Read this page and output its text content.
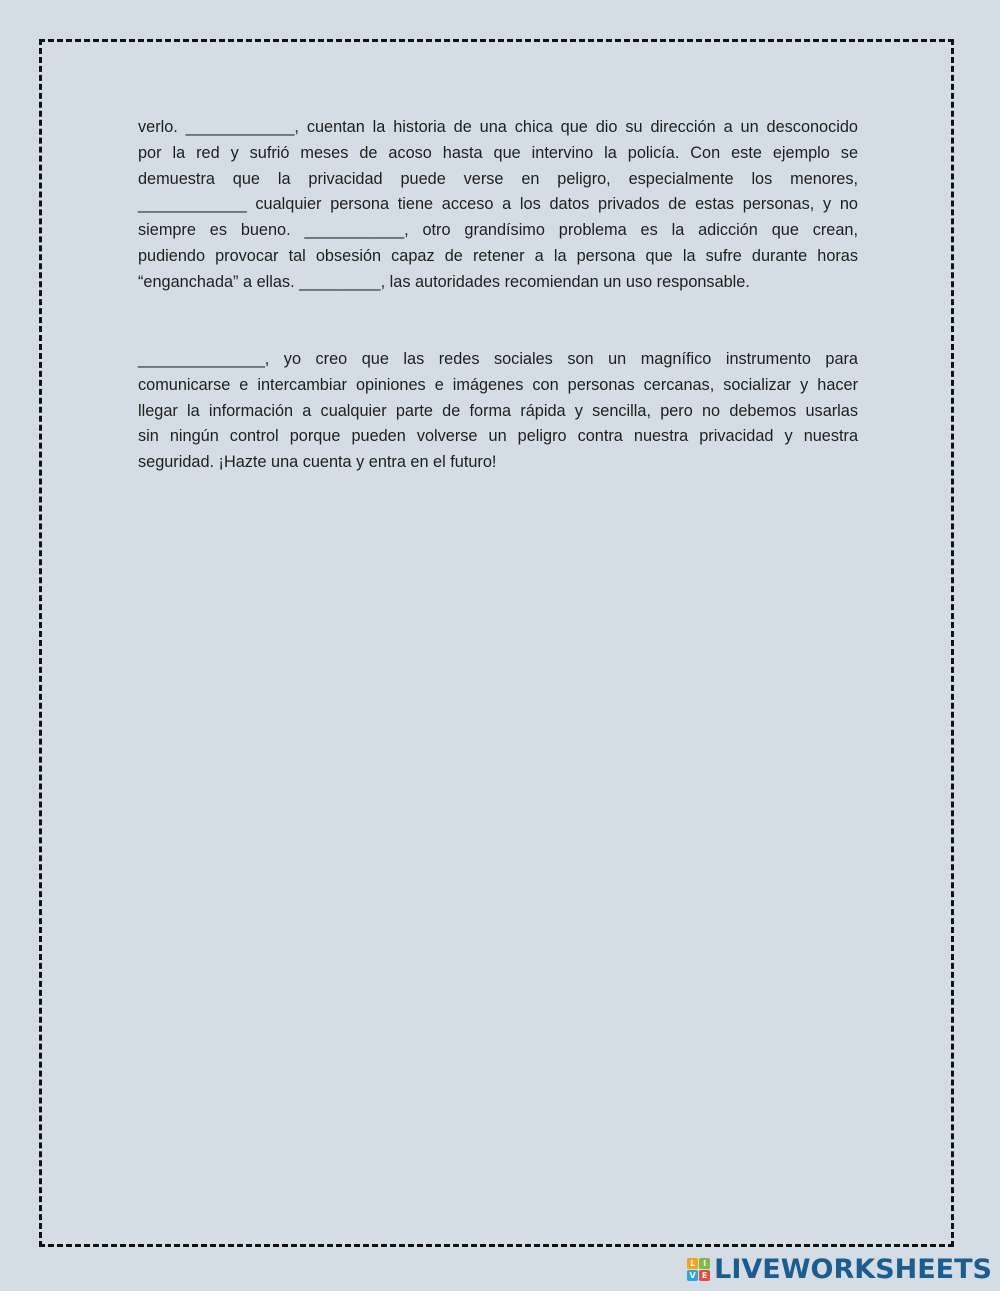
verlo. ____________, cuentan la historia de una chica que dio su dirección a un desconocido
por la red y sufrió meses de acoso hasta que intervino la policía. Con este ejemplo se
demuestra que la privacidad puede verse en peligro, especialmente los menores,
____________ cualquier persona tiene acceso a los datos privados de estas personas, y no
siempre es bueno. ___________, otro grandísimo problema es la adicción que crean,
pudiendo provocar tal obsesión capaz de retener a la persona que la sufre durante horas
“enganchada” a ellas. _________, las autoridades recomiendan un uso responsable.
______________, yo creo que las redes sociales son un magnífico instrumento para
comunicarse e intercambiar opiniones e imágenes con personas cercanas, socializar y hacer
llegar la información a cualquier parte de forma rápida y sencilla, pero no debemos usarlas
sin ningún control porque pueden volverse un peligro contra nuestra privacidad y nuestra
seguridad. ¡Hazte una cuenta y entra en el futuro!
L I
V E LIVEWORKSHEETS
